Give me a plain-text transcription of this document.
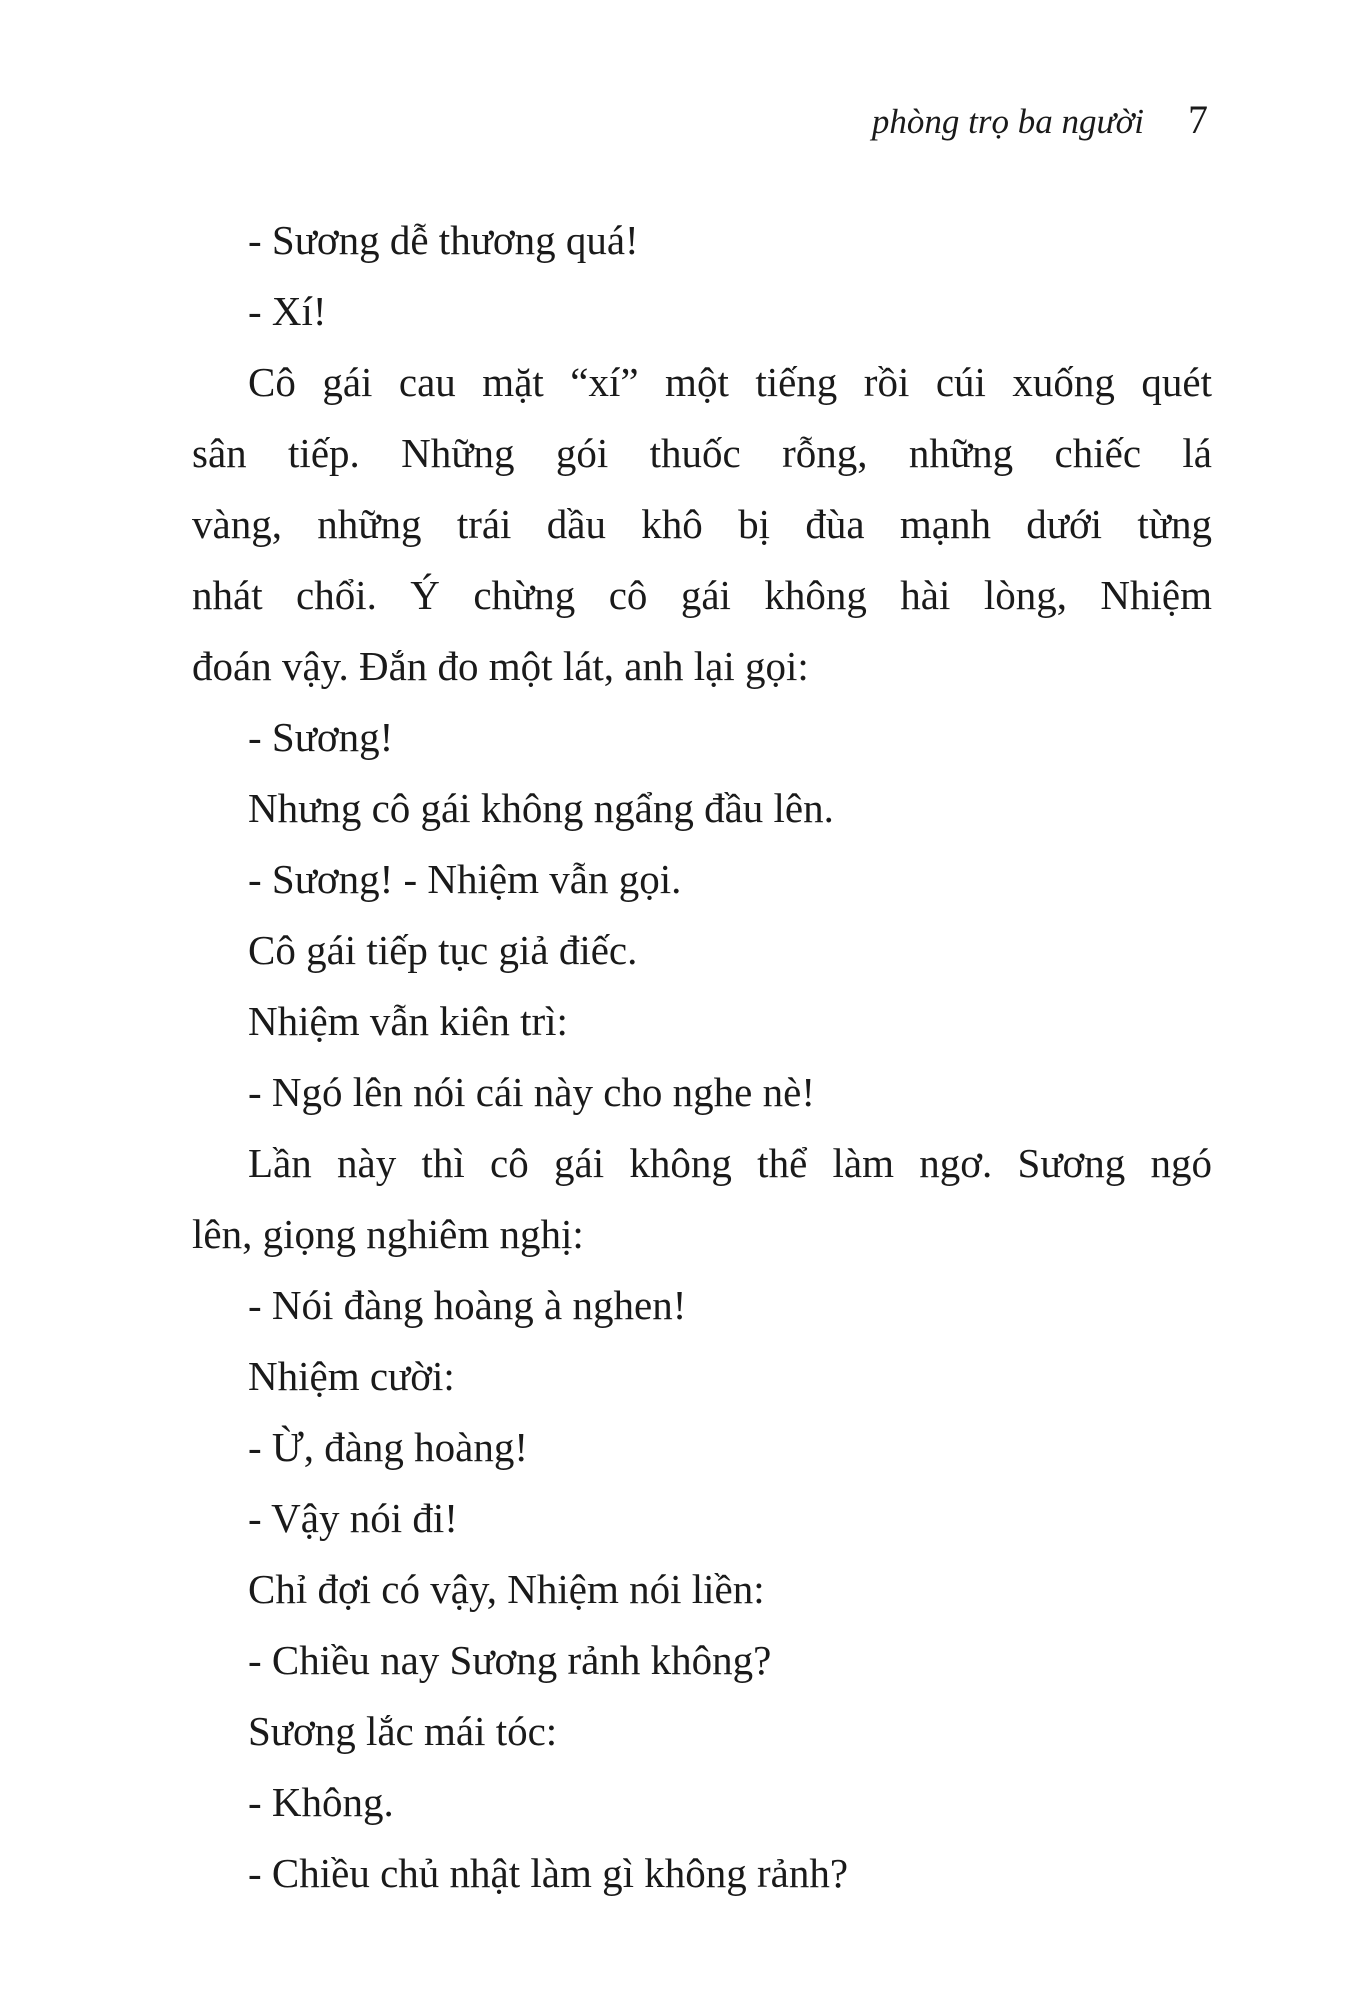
phòng trọ ba người 7

- Sương dễ thương quá!

- Xí!

Cô gái cau mặt “xí” một tiếng rồi cúi xuống quét

sân tiếp. Những gói thuốc rỗng, những chiếc lá

vàng, những trái dầu khô bị đùa mạnh dưới từng

nhát chổi. Ý chừng cô gái không hài lòng, Nhiệm

đoán vậy. Đắn đo một lát, anh lại gọi:

- Sương!

Nhưng cô gái không ngẩng đầu lên.

- Sương! - Nhiệm vẫn gọi.

Cô gái tiếp tục giả điếc.

Nhiệm vẫn kiên trì:

- Ngó lên nói cái này cho nghe nè!

Lần này thì cô gái không thể làm ngơ. Sương ngó

lên, giọng nghiêm nghị:

- Nói đàng hoàng à nghen!

Nhiệm cười:

- Ừ, đàng hoàng!

- Vậy nói đi!

Chỉ đợi có vậy, Nhiệm nói liền:

- Chiều nay Sương rảnh không?

Sương lắc mái tóc:

- Không.

- Chiều chủ nhật làm gì không rảnh?
